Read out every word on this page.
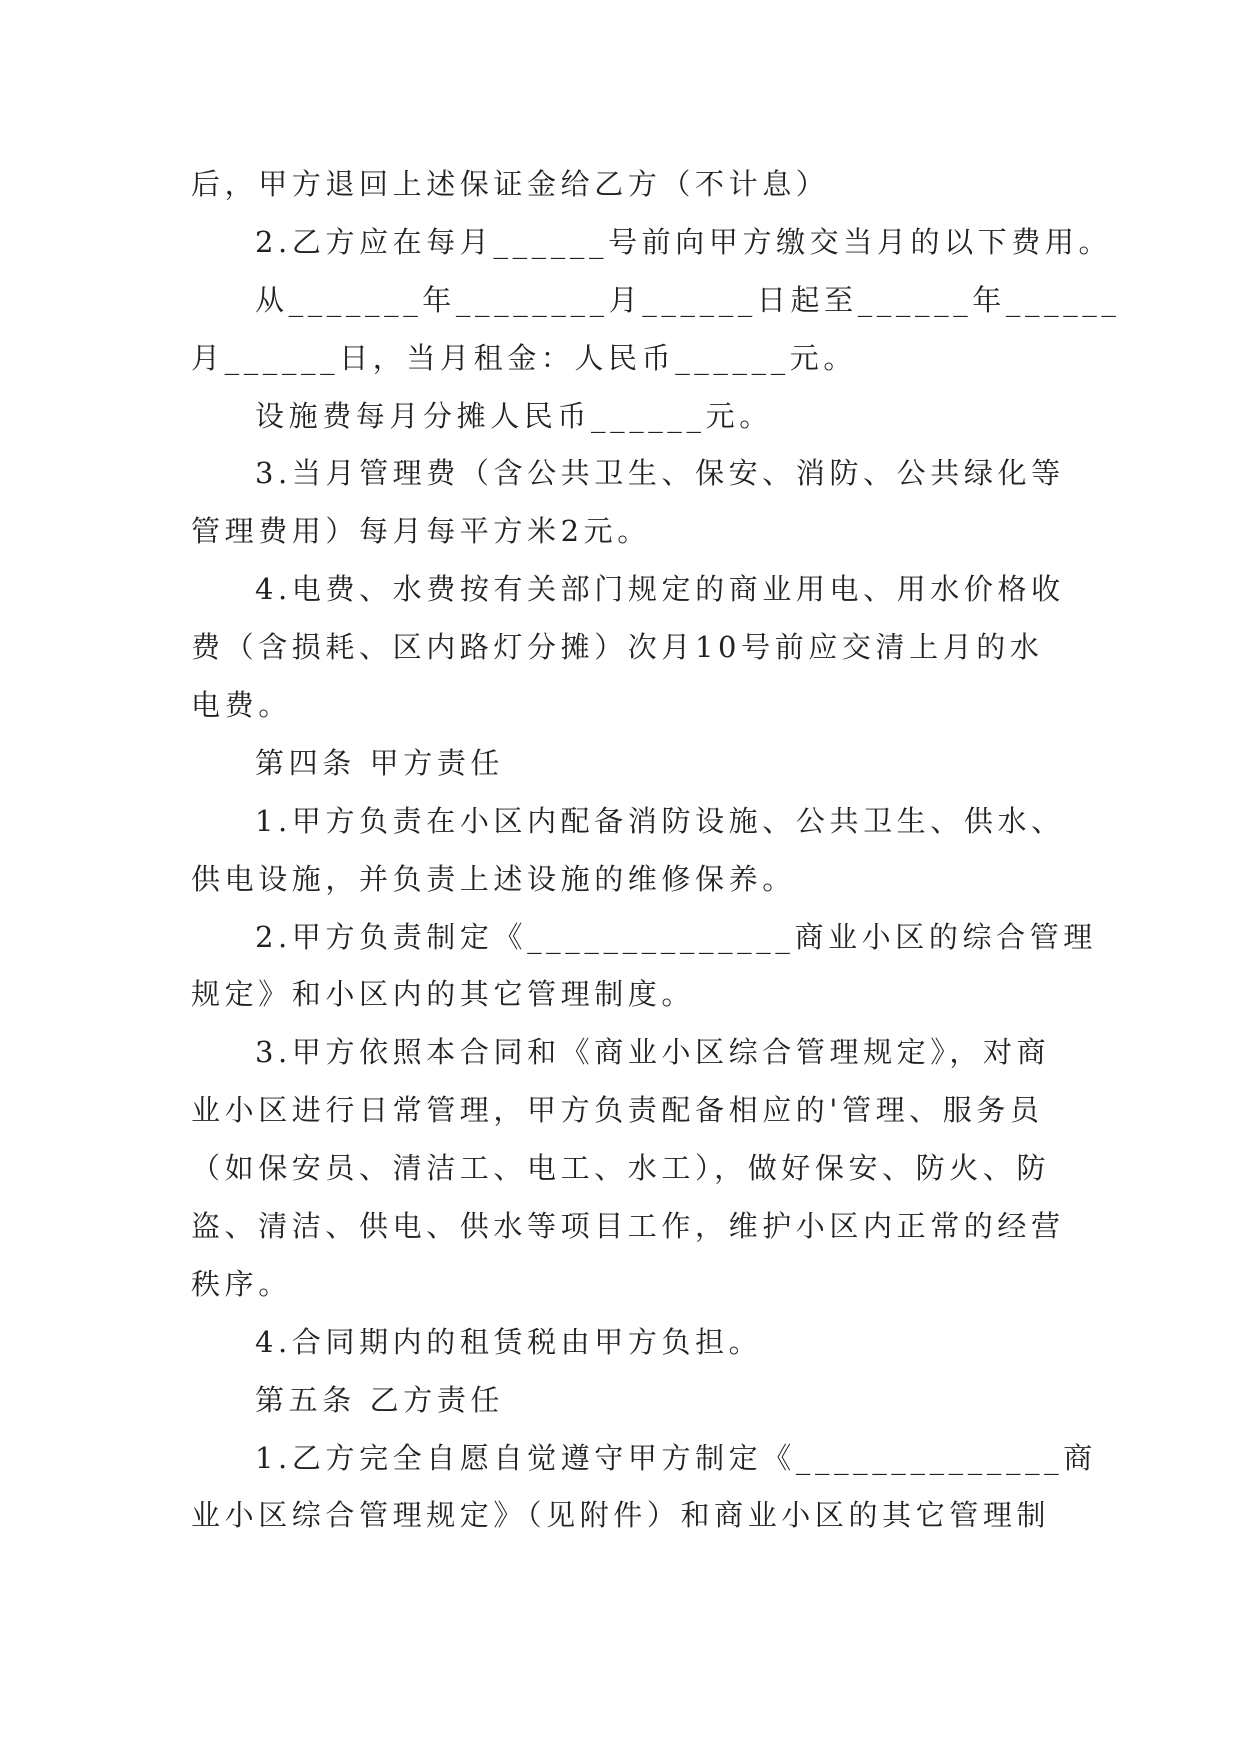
后，甲方退回上述保证金给乙方（不计息）
2.乙方应在每月______号前向甲方缴交当月的以下费用。
从_______年________月______日起至______年______
月______日，当月租金：人民币______元。
设施费每月分摊人民币______元。
3.当月管理费（含公共卫生、保安、消防、公共绿化等
管理费用）每月每平方米2元。
4.电费、水费按有关部门规定的商业用电、用水价格收
费（含损耗、区内路灯分摊）次月10号前应交清上月的水
电费。
第四条 甲方责任
1.甲方负责在小区内配备消防设施、公共卫生、供水、
供电设施，并负责上述设施的维修保养。
2.甲方负责制定《______________商业小区的综合管理
规定》和小区内的其它管理制度。
3.甲方依照本合同和《商业小区综合管理规定》，对商
业小区进行日常管理，甲方负责配备相应的'管理、服务员
（如保安员、清洁工、电工、水工），做好保安、防火、防
盗、清洁、供电、供水等项目工作，维护小区内正常的经营
秩序。
4.合同期内的租赁税由甲方负担。
第五条 乙方责任
1.乙方完全自愿自觉遵守甲方制定《______________商
业小区综合管理规定》（见附件）和商业小区的其它管理制
